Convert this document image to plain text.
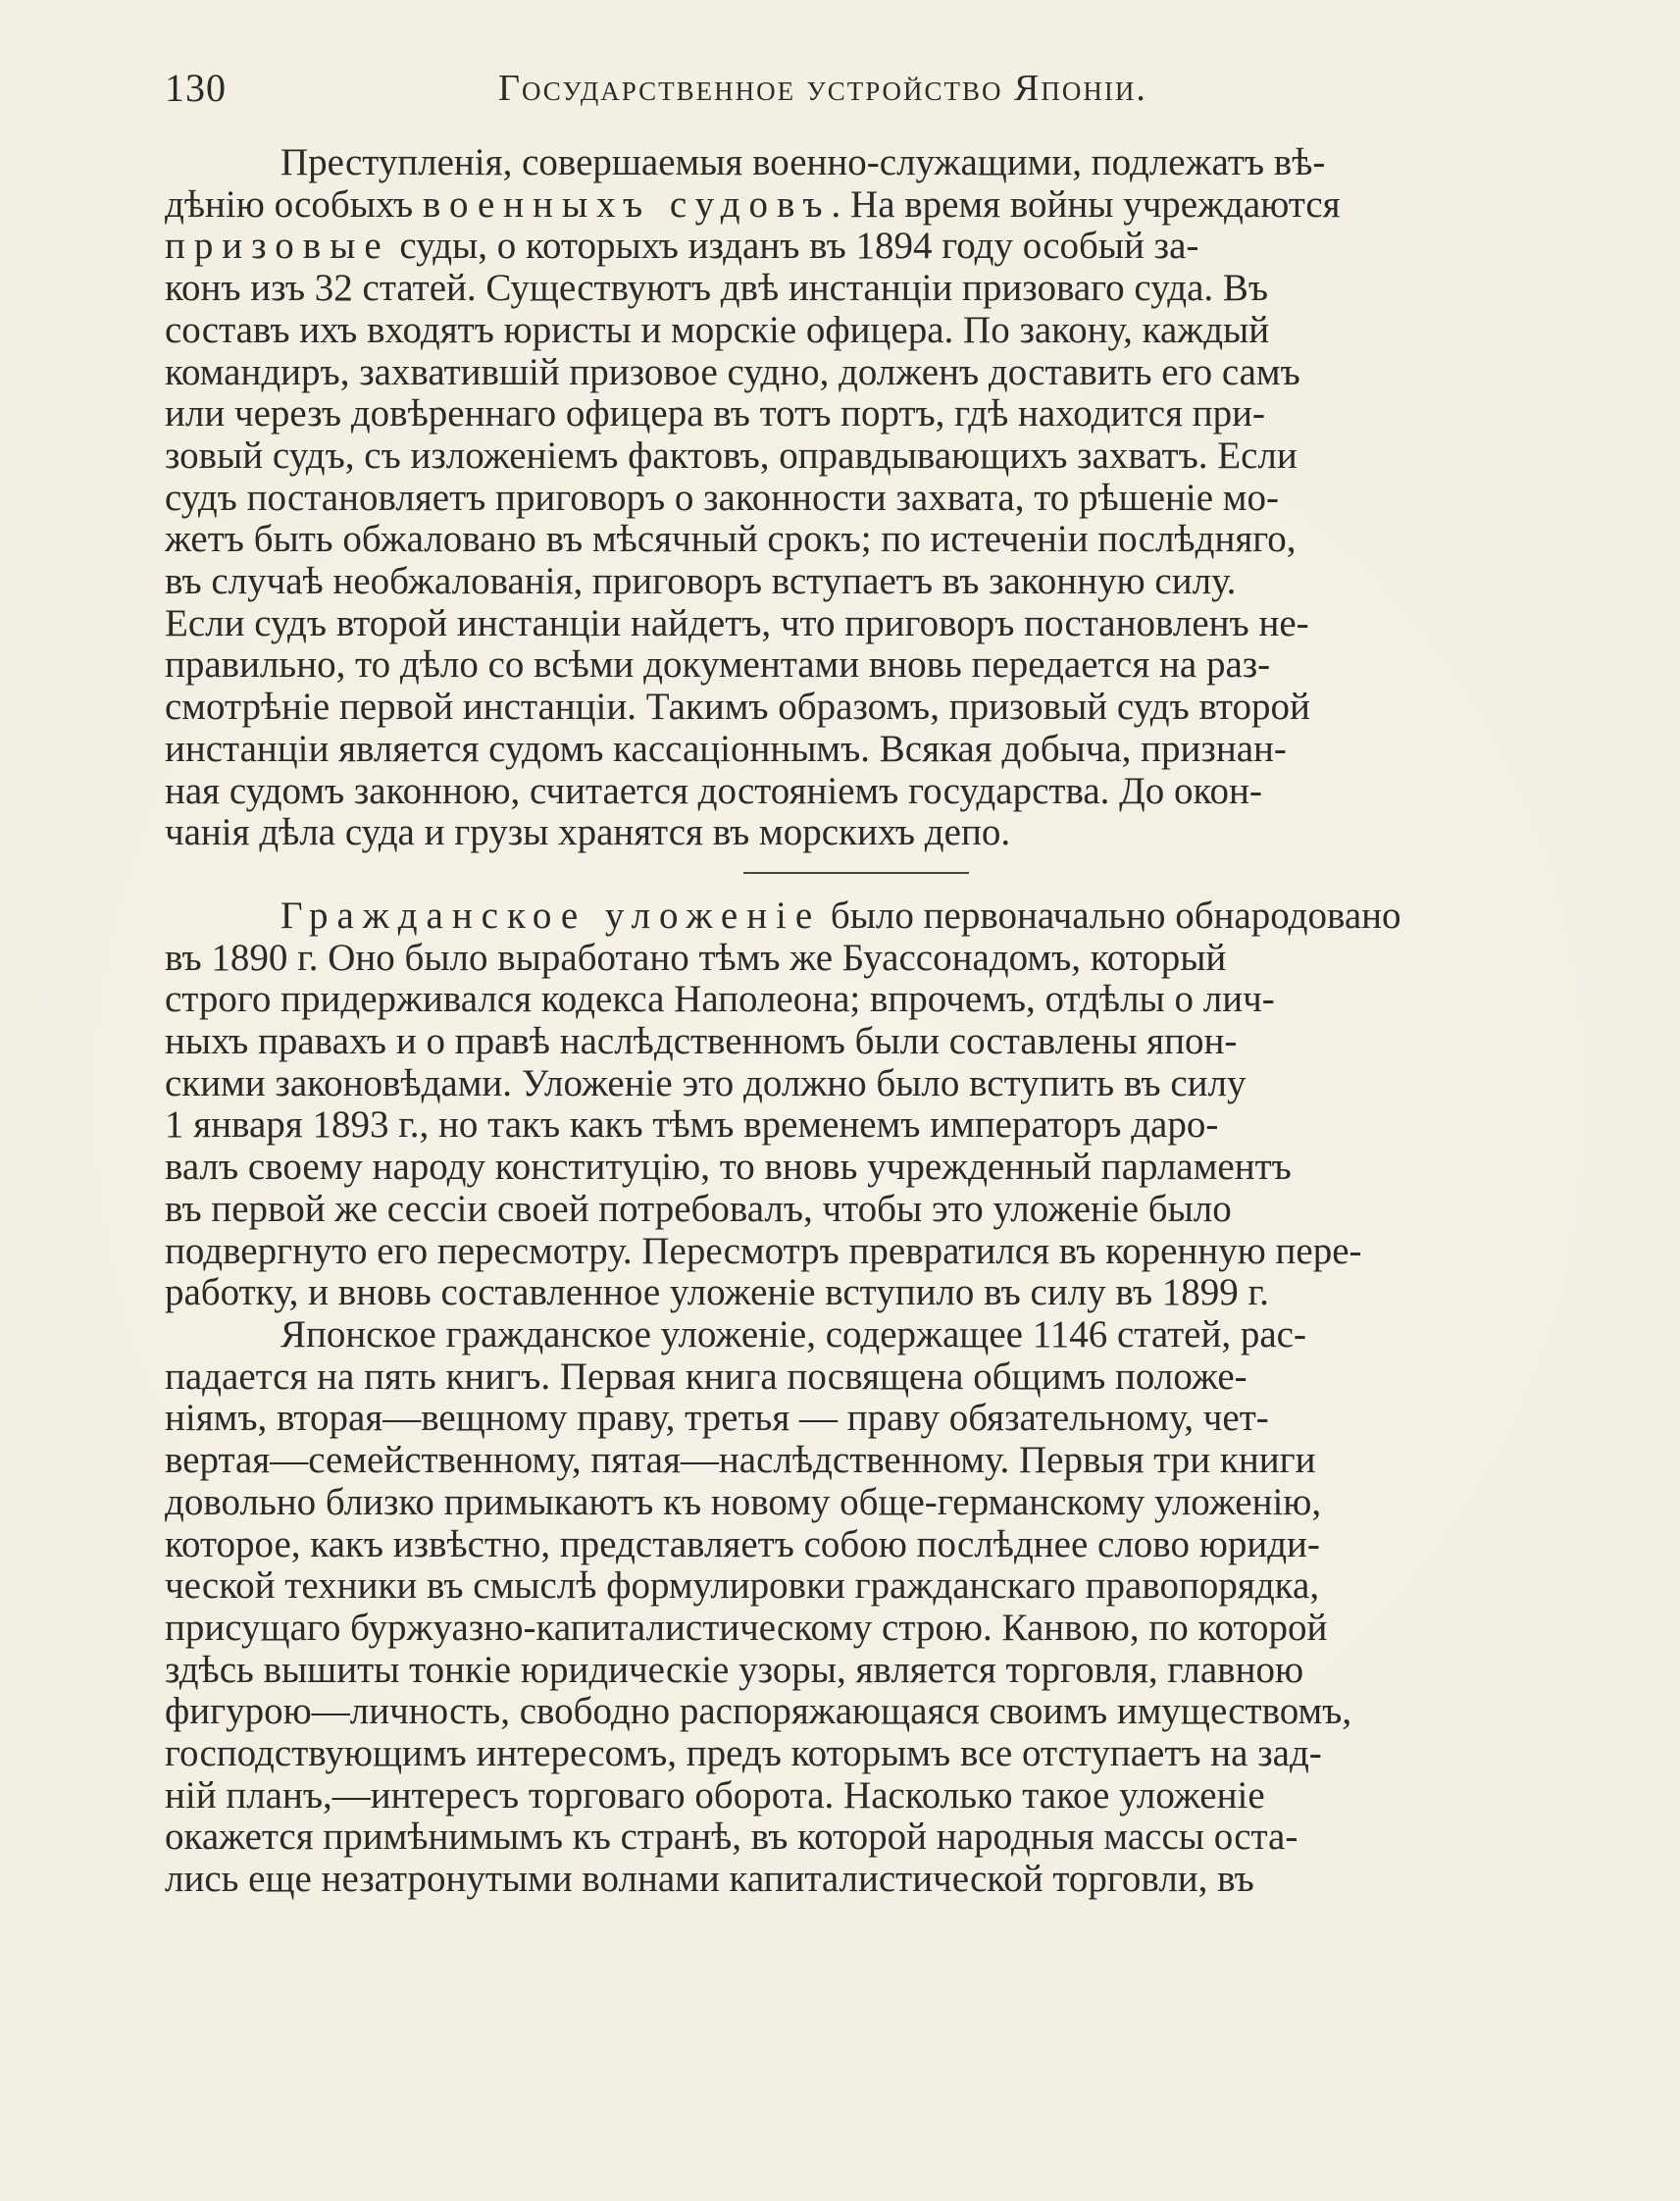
130	Государственное устройство Японіи.
Преступленія, совершаемыя военно-служащими, подлежатъ вѣ-
дѣнію особыхъ военныхъ судовъ. На время войны учреждаются
призовые суды, о которыхъ изданъ въ 1894 году особый за-
конъ изъ 32 статей. Существуютъ двѣ инстанціи призоваго суда. Въ
составъ ихъ входятъ юристы и морскіе офицера. По закону, каждый
командиръ, захватившій призовое судно, долженъ доставить его самъ
или черезъ довѣреннаго офицера въ тотъ портъ, гдѣ находится при-
зовый судъ, съ изложеніемъ фактовъ, оправдывающихъ захватъ. Если
судъ постановляетъ приговоръ о законности захвата, то рѣшеніе мо-
жетъ быть обжаловано въ мѣсячный срокъ; по истеченіи послѣдняго,
въ случаѣ необжалованія, приговоръ вступаетъ въ законную силу.
Если судъ второй инстанціи найдетъ, что приговоръ постановленъ не-
правильно, то дѣло со всѣми документами вновь передается на раз-
смотрѣніе первой инстанціи. Такимъ образомъ, призовый судъ второй
инстанціи является судомъ кассаціоннымъ. Всякая добыча, признан-
ная судомъ законною, считается достояніемъ государства. До окон-
чанія дѣла суда и грузы хранятся въ морскихъ депо.
Гражданское уложеніе было первоначально обнародовано
въ 1890 г. Оно было выработано тѣмъ же Буассонадомъ, который
строго придерживался кодекса Наполеона; впрочемъ, отдѣлы о лич-
ныхъ правахъ и о правѣ наслѣдственномъ были составлены япон-
скими законовѣдами. Уложеніе это должно было вступить въ силу
1 января 1893 г., но такъ какъ тѣмъ временемъ императоръ даро-
валъ своему народу конституцію, то вновь учрежденный парламентъ
въ первой же сессіи своей потребовалъ, чтобы это уложеніе было
подвергнуто его пересмотру. Пересмотръ превратился въ коренную пере-
работку, и вновь составленное уложеніе вступило въ силу въ 1899 г.
Японское гражданское уложеніе, содержащее 1146 статей, рас-
падается на пять книгъ. Первая книга посвящена общимъ положе-
ніямъ, вторая—вещному праву, третья — праву обязательному, чет-
вертая—семейственному, пятая—наслѣдственному. Первыя три книги
довольно близко примыкаютъ къ новому обще-германскому уложенію,
которое, какъ извѣстно, представляетъ собою послѣднее слово юриди-
ческой техники въ смыслѣ формулировки гражданскаго правопорядка,
присущаго буржуазно-капиталистическому строю. Канвою, по которой
здѣсь вышиты тонкіе юридическіе узоры, является торговля, главною
фигурою—личность, свободно распоряжающаяся своимъ имуществомъ,
господствующимъ интересомъ, предъ которымъ все отступаетъ на зад-
ній планъ,—интересъ торговаго оборота. Насколько такое уложеніе
окажется примѣнимымъ къ странѣ, въ которой народныя массы оста-
лись еще незатронутыми волнами капиталистической торговли, въ
